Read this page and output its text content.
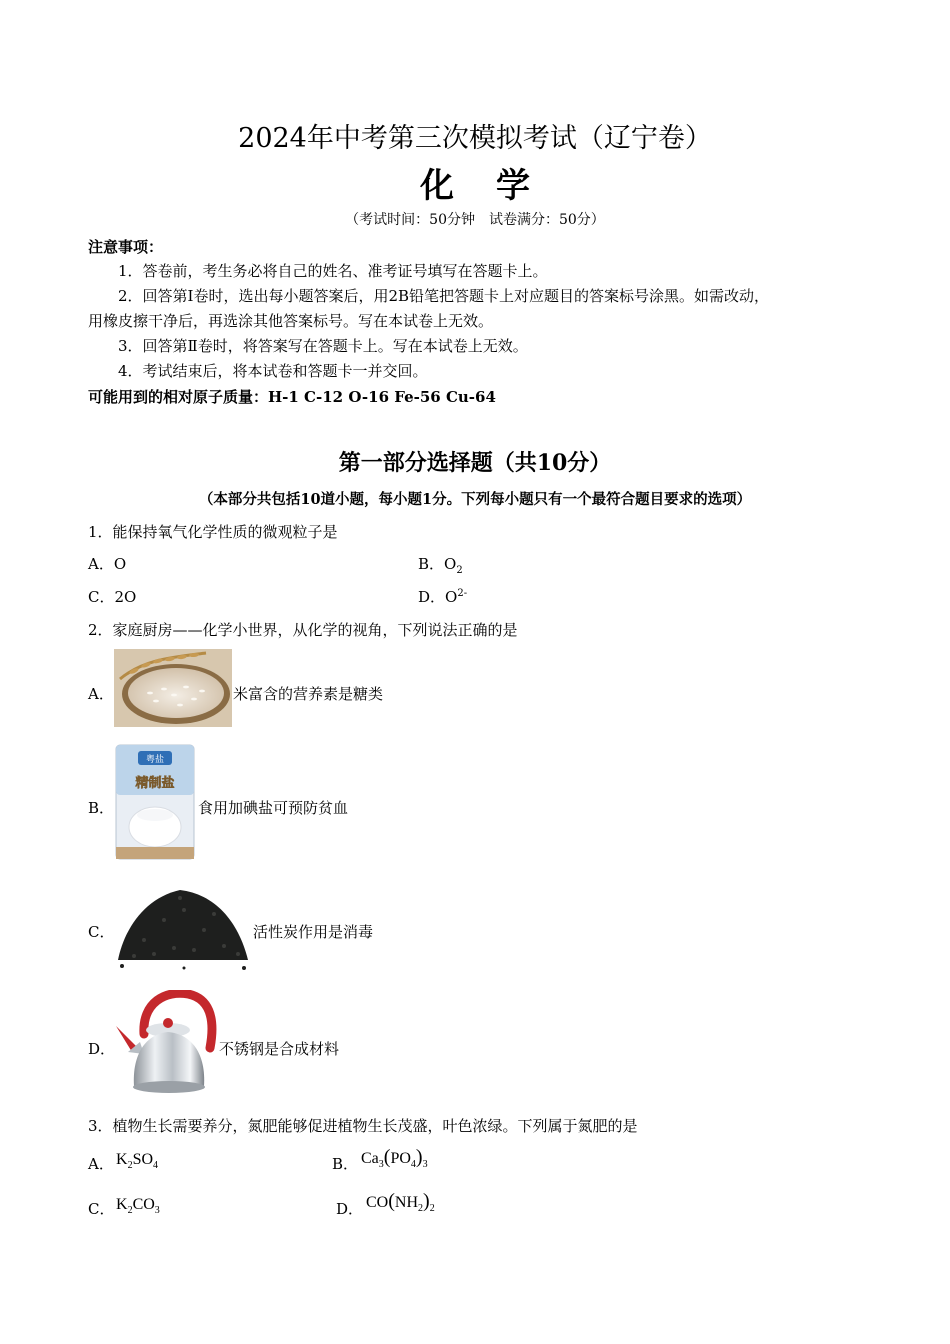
2024年中考第三次模拟考试（辽宁卷）
化学
（考试时间：50分钟　试卷满分：50分）
注意事项：
1．答卷前，考生务必将自己的姓名、准考证号填写在答题卡上。
2．回答第Ⅰ卷时，选出每小题答案后，用2B铅笔把答题卡上对应题目的答案标号涂黑。如需改动，
用橡皮擦干净后，再选涂其他答案标号。写在本试卷上无效。
3．回答第Ⅱ卷时，将答案写在答题卡上。写在本试卷上无效。
4．考试结束后，将本试卷和答题卡一并交回。
可能用到的相对原子质量：H-1 C-12 O-16 Fe-56 Cu-64
第一部分选择题（共10分）
（本部分共包括10道小题，每小题1分。下列每小题只有一个最符合题目要求的选项）
1．能保持氧气化学性质的微观粒子是
A．O	B．$O_2$
C．2O	D．$O^{2-}$
2．家庭厨房——化学小世界，从化学的视角，下列说法正确的是
A．	米富含的营养素是糖类
B．
粤盐
精制盐
食用加碘盐可预防贫血
C．	活性炭作用是消毒
D．	不锈钢是合成材料
3．植物生长需要养分，氮肥能够促进植物生长茂盛，叶色浓绿。下列属于氮肥的是
A． $K_2SO_4$	B． $Ca_3(PO_4)_3$
C． $K_2CO_3$	D． $CO(NH_2)_2$
